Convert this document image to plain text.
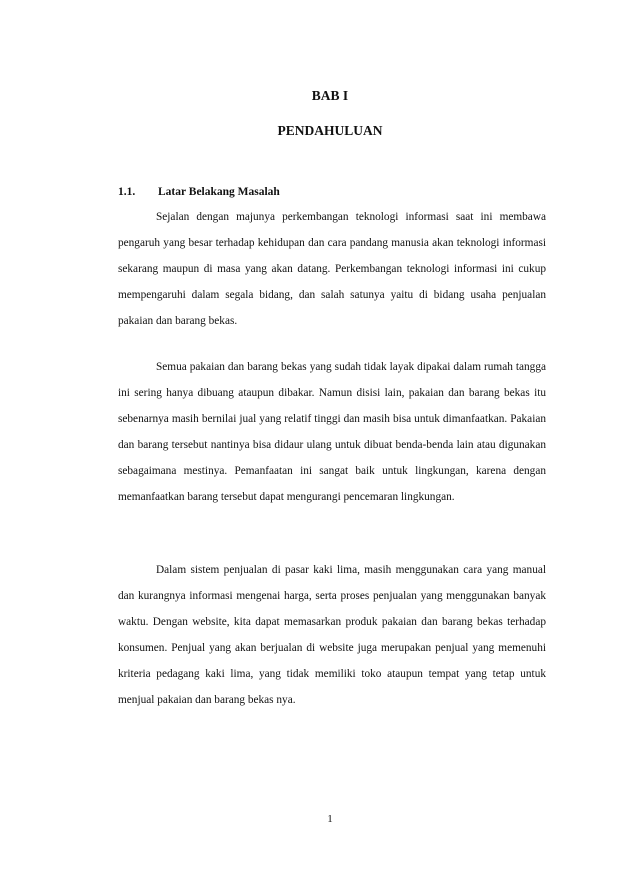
BAB I
PENDAHULUAN
1.1. Latar Belakang Masalah

Sejalan dengan majunya perkembangan teknologi informasi saat ini membawa pengaruh yang besar terhadap kehidupan dan cara pandang manusia akan teknologi informasi sekarang maupun di masa yang akan datang. Perkembangan teknologi informasi ini cukup mempengaruhi dalam segala bidang, dan salah satunya yaitu di bidang usaha penjualan pakaian dan barang bekas.

Semua pakaian dan barang bekas yang sudah tidak layak dipakai dalam rumah tangga ini sering hanya dibuang ataupun dibakar. Namun disisi lain, pakaian dan barang bekas itu sebenarnya masih bernilai jual yang relatif tinggi dan masih bisa untuk dimanfaatkan. Pakaian dan barang tersebut nantinya bisa didaur ulang untuk dibuat benda-benda lain atau digunakan sebagaimana mestinya. Pemanfaatan ini sangat baik untuk lingkungan, karena dengan memanfaatkan barang tersebut dapat mengurangi pencemaran lingkungan.

Dalam sistem penjualan di pasar kaki lima, masih menggunakan cara yang manual dan kurangnya informasi mengenai harga, serta proses penjualan yang menggunakan banyak waktu. Dengan website, kita dapat memasarkan produk pakaian dan barang bekas terhadap konsumen. Penjual yang akan berjualan di website juga merupakan penjual yang memenuhi kriteria pedagang kaki lima, yang tidak memiliki toko ataupun tempat yang tetap untuk menjual pakaian dan barang bekas nya.

1
